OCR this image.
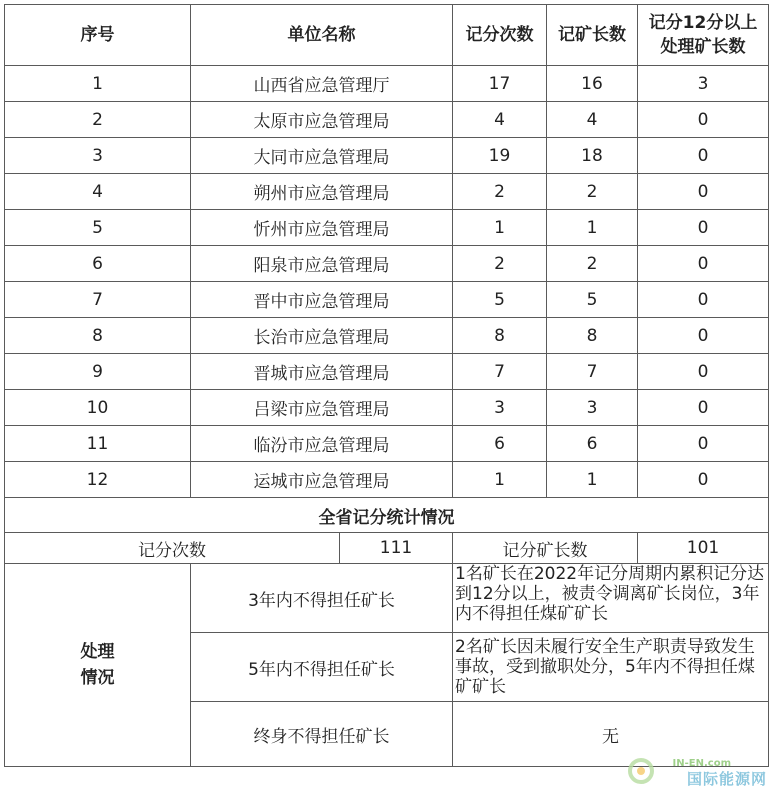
序号	单位名称		记分次数	记矿长数	记分12分以上
处理矿长数

1	山西省应急管理厅		17	16	3
2	太原市应急管理局		4	4	0
3	大同市应急管理局		19	18	0
4	朔州市应急管理局		2	2	0
5	忻州市应急管理局		1	1	0
6	阳泉市应急管理局		2	2	0
7	晋中市应急管理局		5	5	0
8	长治市应急管理局		8	8	0
9	晋城市应急管理局		7	7	0
10	吕梁市应急管理局		3	3	0
11	临汾市应急管理局		6	6	0
12	运城市应急管理局		1	1	0
全省记分统计情况					
记分次数		111	记分矿长数		101

处理
情况	3年内不得担任矿长		1名矿长在2022年记分周期内累积记分达到12分以上，被责令调离矿长岗位，3年内不得担任煤矿矿长		
	5年内不得担任矿长		2名矿长因未履行安全生产职责导致发生事故，受到撤职处分，5年内不得担任煤矿矿长		
	终身不得担任矿长		无		
IN-EN.com
国际能源网
